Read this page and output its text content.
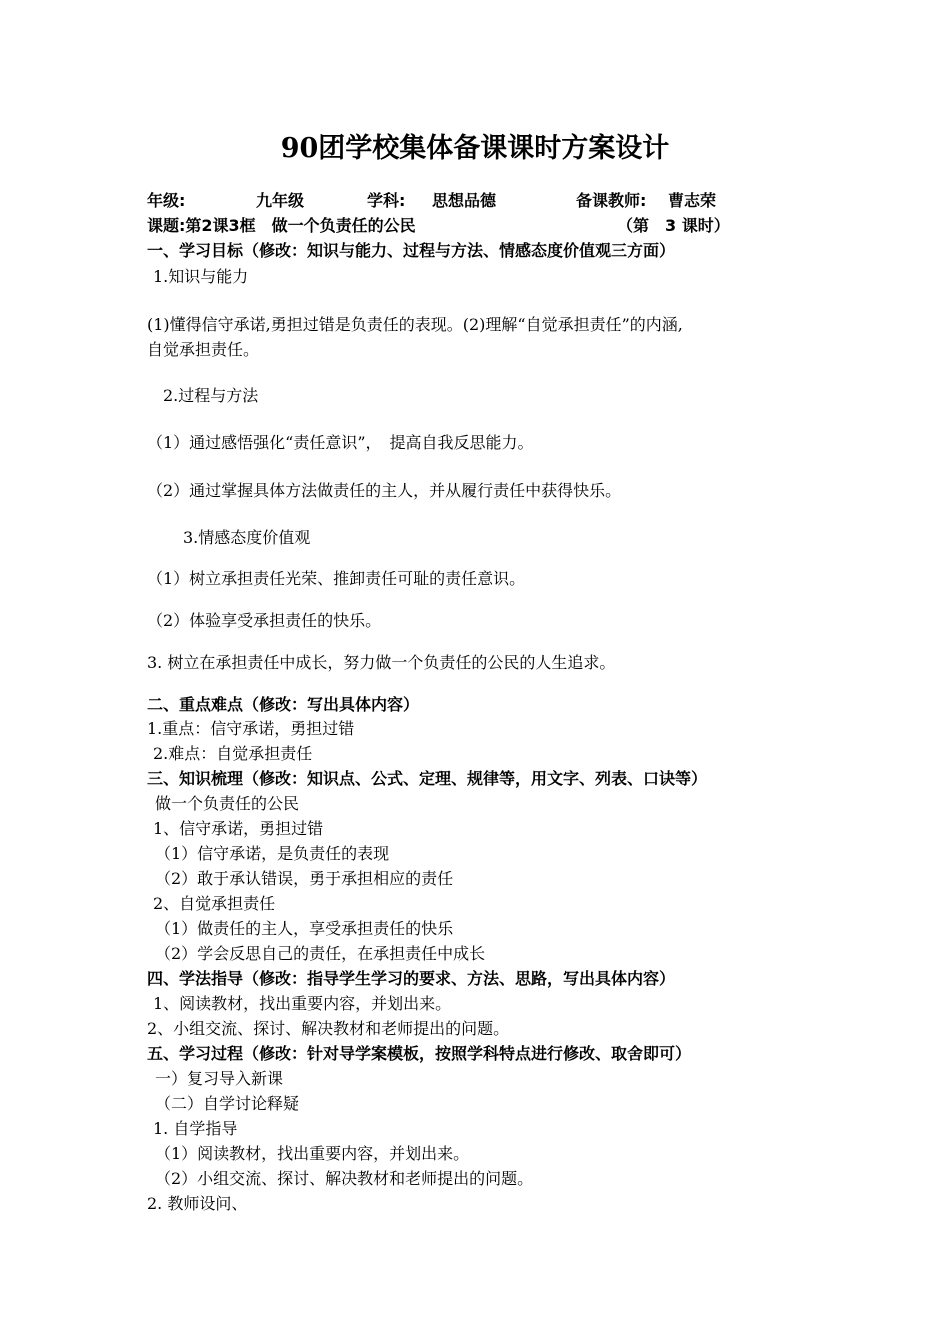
90团学校集体备课课时方案设计
年级:	九年级	学科: 思想品德	备课教师: 曹志荣
课题:第2课3框　做一个负责任的公民	（第　3 课时）
一、学习目标（修改：知识与能力、过程与方法、情感态度价值观三方面）
1.知识与能力
(1)懂得信守承诺,勇担过错是负责任的表现。(2)理解“自觉承担责任”的内涵,
自觉承担责任。
2.过程与方法
（1）通过感悟强化“责任意识”，　提高自我反思能力。
（2）通过掌握具体方法做责任的主人，并从履行责任中获得快乐。
3.情感态度价值观
（1）树立承担责任光荣、推卸责任可耻的责任意识。
（2）体验享受承担责任的快乐。
3. 树立在承担责任中成长，努力做一个负责任的公民的人生追求。
二、重点难点（修改：写出具体内容）
1.重点：信守承诺，勇担过错
2.难点：自觉承担责任
三、知识梳理（修改：知识点、公式、定理、规律等，用文字、列表、口诀等）
做一个负责任的公民
1、信守承诺，勇担过错
（1）信守承诺，是负责任的表现
（2）敢于承认错误，勇于承担相应的责任
2、自觉承担责任
（1）做责任的主人，享受承担责任的快乐
（2）学会反思自己的责任，在承担责任中成长
四、学法指导（修改：指导学生学习的要求、方法、思路，写出具体内容）
1、阅读教材，找出重要内容，并划出来。
2、小组交流、探讨、解决教材和老师提出的问题。
五、学习过程（修改：针对导学案模板，按照学科特点进行修改、取舍即可）
一）复习导入新课
（二）自学讨论释疑
1. 自学指导
（1）阅读教材，找出重要内容，并划出来。
（2）小组交流、探讨、解决教材和老师提出的问题。
2. 教师设问、
